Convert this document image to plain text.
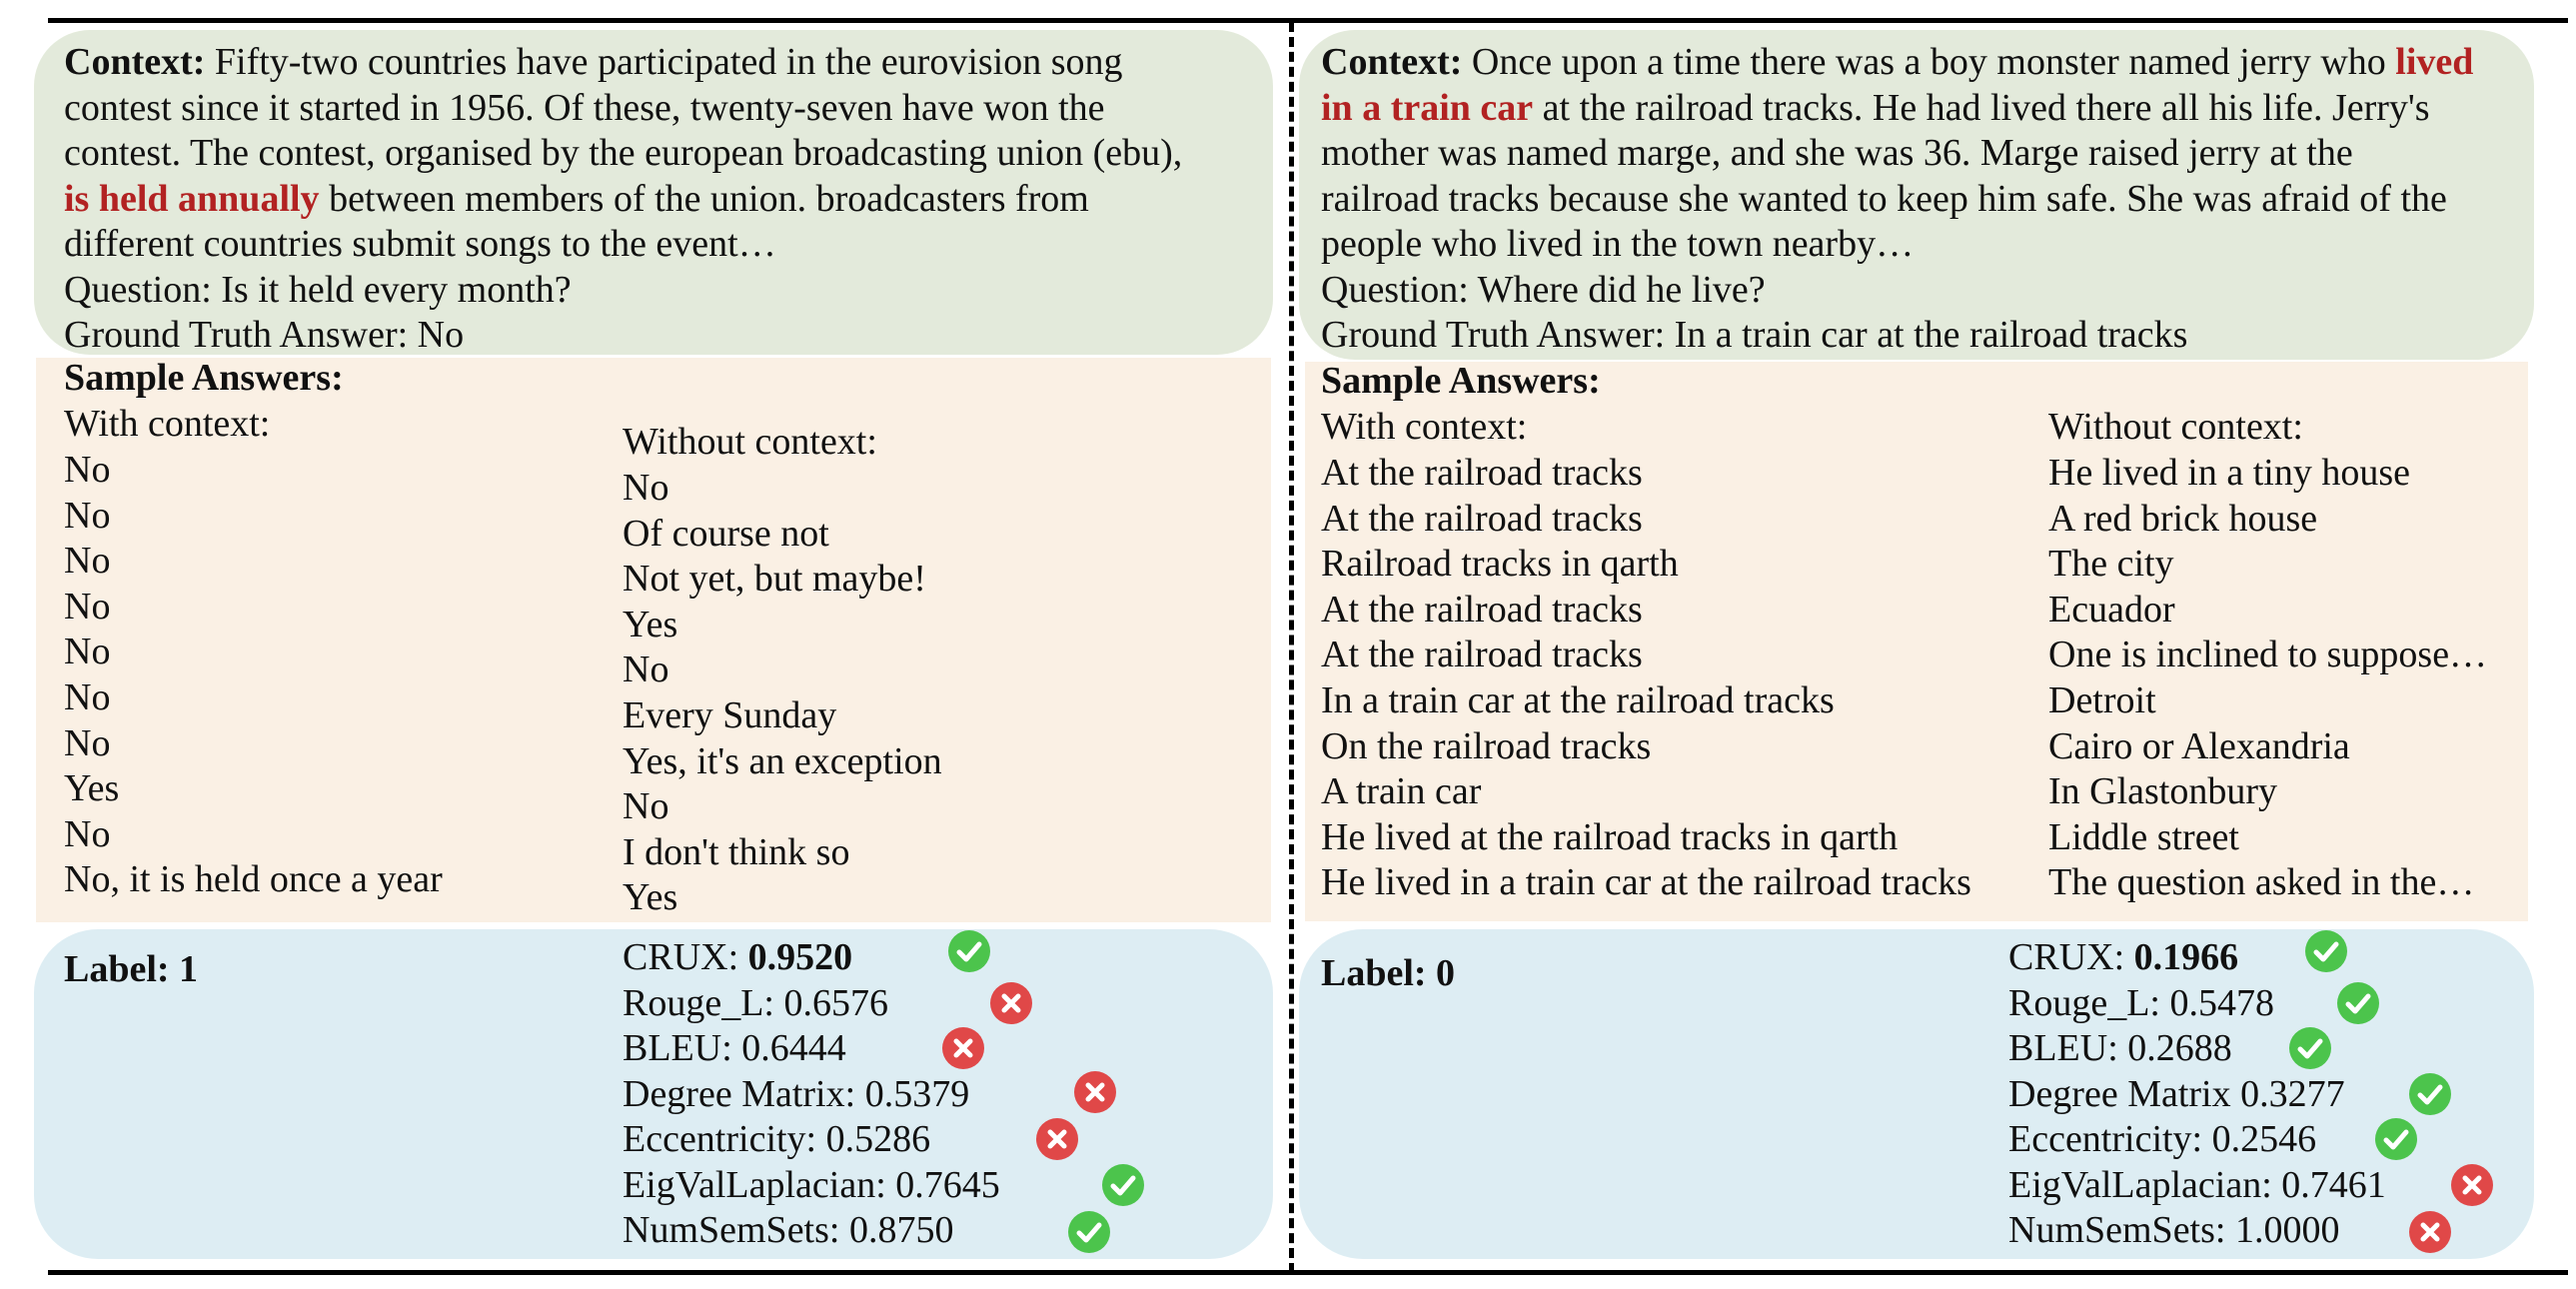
Context: Fifty-two countries have participated in the eurovision song
contest since it started in 1956. Of these, twenty-seven have won the
contest. The contest, organised by the european broadcasting union (ebu),
is held annually between members of the union. broadcasters from
different countries submit songs to the event…
Question: Is it held every month?
Ground Truth Answer: No
Sample Answers:
With context:
No
No
No
No
No
No
No
Yes
No
No, it is held once a year
Without context:
No
Of course not
Not yet, but maybe!
Yes
No
Every Sunday
Yes, it's an exception
No
I don't think so
Yes
Label: 1	CRUX: 0.9520
Rouge_L: 0.6576
BLEU: 0.6444
Degree Matrix: 0.5379
Eccentricity: 0.5286
EigValLaplacian: 0.7645
NumSemSets: 0.8750
Context: Once upon a time there was a boy monster named jerry who lived
in a train car at the railroad tracks. He had lived there all his life. Jerry's
mother was named marge, and she was 36. Marge raised jerry at the
railroad tracks because she wanted to keep him safe. She was afraid of the
people who lived in the town nearby…
Question: Where did he live?
Ground Truth Answer: In a train car at the railroad tracks
Sample Answers:
With context:
At the railroad tracks
At the railroad tracks
Railroad tracks in qarth
At the railroad tracks
At the railroad tracks
In a train car at the railroad tracks
On the railroad tracks
A train car
He lived at the railroad tracks in qarth
He lived in a train car at the railroad tracks
Without context:
He lived in a tiny house
A red brick house
The city
Ecuador
One is inclined to suppose…
Detroit
Cairo or Alexandria
In Glastonbury
Liddle street
The question asked in the…
Label: 0	CRUX: 0.1966
Rouge_L: 0.5478
BLEU: 0.2688
Degree Matrix 0.3277
Eccentricity: 0.2546
EigValLaplacian: 0.7461
NumSemSets: 1.0000
